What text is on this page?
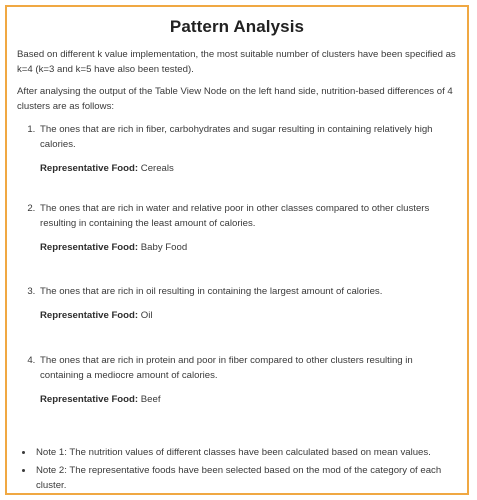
Pattern Analysis

Based on different k value implementation, the most suitable number of clusters have been specified as k=4 (k=3 and k=5 have also been tested).

After analysing the output of the Table View Node on the left hand side, nutrition-based differences of 4 clusters are as follows:

1. The ones that are rich in fiber, carbohydrates and sugar resulting in containing relatively high calories.
Representative Food: Cereals
2. The ones that are rich in water and relative poor in other classes compared to other clusters resulting in containing the least amount of calories.
Representative Food: Baby Food
3. The ones that are rich in oil resulting in containing the largest amount of calories.
Representative Food: Oil
4. The ones that are rich in protein and poor in fiber compared to other clusters resulting in containing a mediocre amount of calories.
Representative Food: Beef
• Note 1: The nutrition values of different classes have been calculated based on mean values.
• Note 2: The representative foods have been selected based on the mod of the category of each cluster.
